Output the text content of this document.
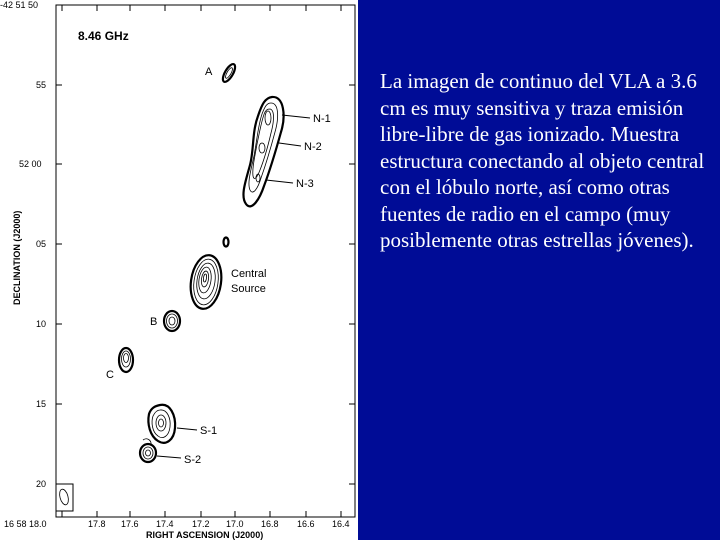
-42 51 50
55
52 00
05
10
15
20
16 58 18.0	17.8 17.6 17.4 17.2 17.0 16.8 16.6 16.4
RIGHT ASCENSION (J2000)
DECLINATION (J2000)
8.46 GHz
A
N-1
N-2
N-3
Central
Source
B
C
S-1
S-2

La imagen de continuo del VLA a 3.6 cm es muy sensitiva y traza emisión libre-libre de gas ionizado. Muestra estructura conectando al objeto central con el lóbulo norte, así como otras fuentes de radio en el campo (muy posiblemente otras estrellas jóvenes).
